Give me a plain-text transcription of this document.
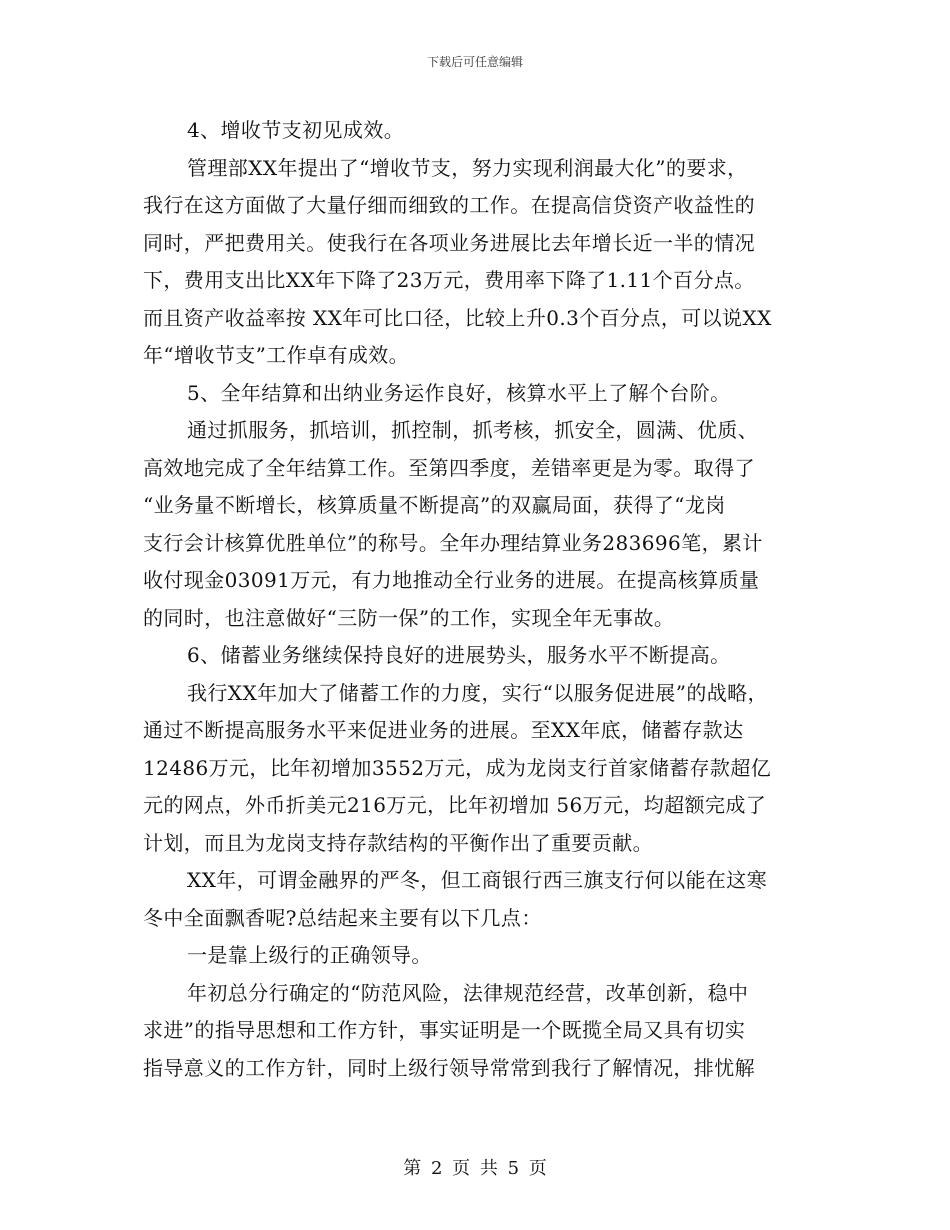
下载后可任意编辑
4、增收节支初见成效。
管理部XX年提出了“增收节支，努力实现利润最大化”的要求，
我行在这方面做了大量仔细而细致的工作。在提高信贷资产收益性的
同时，严把费用关。使我行在各项业务进展比去年增长近一半的情况
下，费用支出比XX年下降了23万元，费用率下降了1.11个百分点。
而且资产收益率按 XX年可比口径，比较上升0.3个百分点，可以说XX
年“增收节支”工作卓有成效。
5、全年结算和出纳业务运作良好，核算水平上了解个台阶。
通过抓服务，抓培训，抓控制，抓考核，抓安全，圆满、优质、
高效地完成了全年结算工作。至第四季度，差错率更是为零。取得了
“业务量不断增长，核算质量不断提高”的双赢局面，获得了“龙岗
支行会计核算优胜单位”的称号。全年办理结算业务283696笔，累计
收付现金03091万元，有力地推动全行业务的进展。在提高核算质量
的同时，也注意做好“三防一保”的工作，实现全年无事故。
6、储蓄业务继续保持良好的进展势头，服务水平不断提高。
我行XX年加大了储蓄工作的力度，实行“以服务促进展”的战略，
通过不断提高服务水平来促进业务的进展。至XX年底，储蓄存款达
12486万元，比年初增加3552万元，成为龙岗支行首家储蓄存款超亿
元的网点，外币折美元216万元，比年初增加 56万元，均超额完成了
计划，而且为龙岗支持存款结构的平衡作出了重要贡献。
XX年，可谓金融界的严冬，但工商银行西三旗支行何以能在这寒
冬中全面飘香呢?总结起来主要有以下几点：
一是靠上级行的正确领导。
年初总分行确定的“防范风险，法律规范经营，改革创新，稳中
求进”的指导思想和工作方针，事实证明是一个既揽全局又具有切实
指导意义的工作方针，同时上级行领导常常到我行了解情况，排忧解
第 2 页 共 5 页
